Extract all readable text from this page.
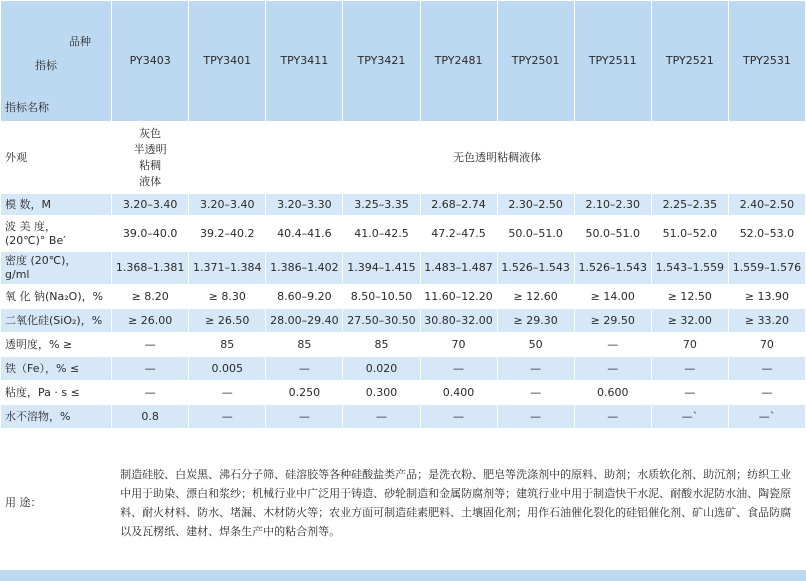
品种
指标
指标名称	PY3403	TPY3401	TPY3411	TPY3421	TPY2481	TPY2501	TPY2511	TPY2521	TPY2531
外观	灰色
半透明
粘稠
液体	无色透明粘稠液体							
模 数，M	3.20–3.40	3.20–3.40	3.20–3.30	3.25–3.35	2.68–2.74	2.30–2.50	2.10–2.30	2.25–2.35	2.40–2.50
波 美 度，
(20℃)° Be′	39.0–40.0	39.2–40.2	40.4–41.6	41.0–42.5	47.2–47.5	50.0–51.0	50.0–51.0	51.0–52.0	52.0–53.0
密度 (20℃)，
g/ml	1.368–1.381	1.371–1.384	1.386–1.402	1.394–1.415	1.483–1.487	1.526–1.543	1.526–1.543	1.543–1.559	1.559–1.576
氧 化 钠(Na₂O)，%	≥ 8.20	≥ 8.30	8.60–9.20	8.50–10.50	11.60–12.20	≥ 12.60	≥ 14.00	≥ 12.50	≥ 13.90
二氧化硅(SiO₂)，%	≥ 26.00	≥ 26.50	28.00–29.40	27.50–30.50	30.80–32.00	≥ 29.30	≥ 29.50	≥ 32.00	≥ 33.20
透明度，% ≥	—	85	85	85	70	50	—	70	70
铁（Fe），% ≤	—	0.005	—	0.020	—	—	—	—	—
粘度，Pa · s ≤	—	—	0.250	0.300	0.400	—	0.600	—	—
水不溶物，%	0.8	—	—	—	—	—	—	—`	—`
用 途：	制造硅胶、白炭黑、沸石分子筛、硅溶胶等各种硅酸盐类产品；是洗衣粉、肥皂等洗涤剂中的原料、助剂；水质软化剂、助沉剂；纺织工业中用于助染、漂白和浆纱；机械行业中广泛用于铸造、砂轮制造和金属防腐剂等；建筑行业中用于制造快干水泥、耐酸水泥防水油、陶瓷原料、耐火材料、防水、堵漏、木材防火等；农业方面可制造硅素肥料、土壤固化剂；用作石油催化裂化的硅铝催化剂、矿山选矿、食品防腐以及瓦楞纸、建材、焊条生产中的粘合剂等。								
